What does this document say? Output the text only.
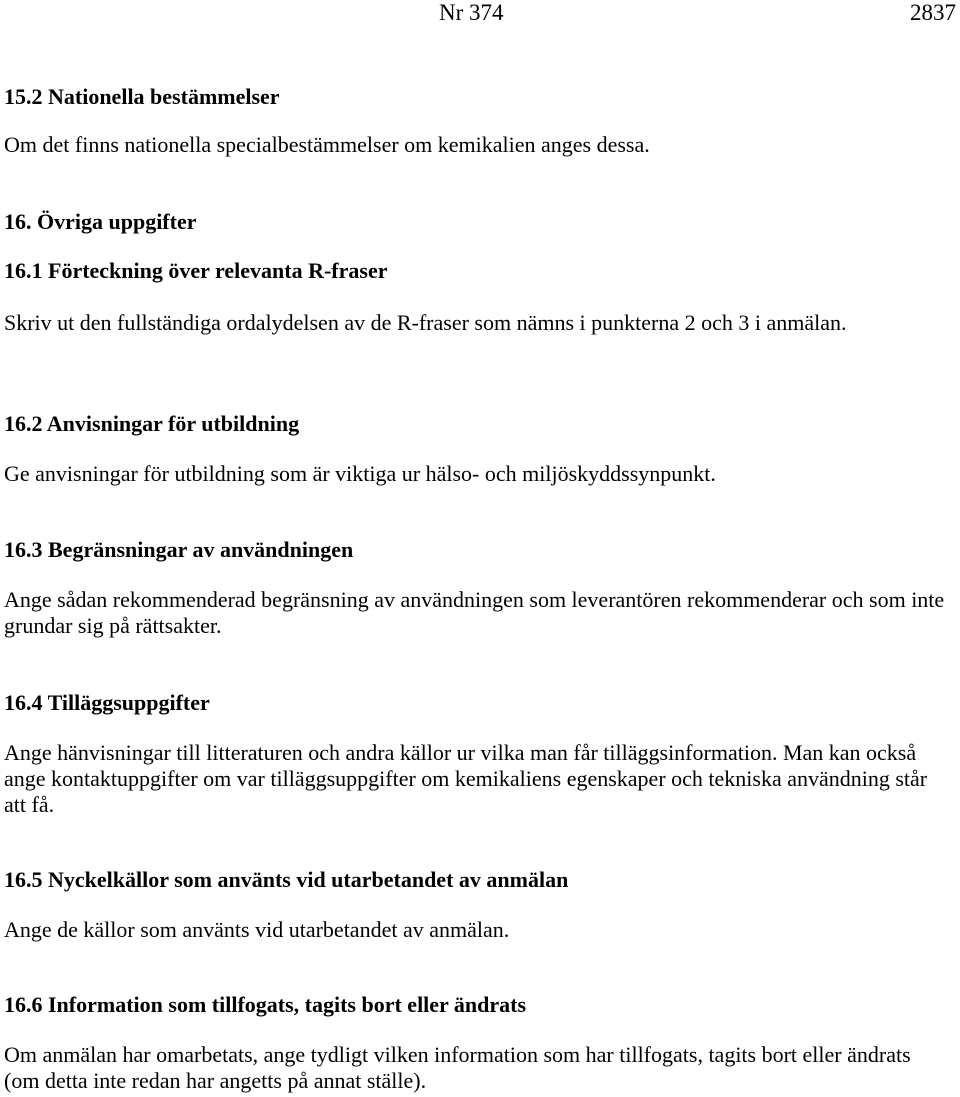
Nr 374	2837

15.2 Nationella bestämmelser

Om det finns nationella specialbestämmelser om kemikalien anges dessa.

16. Övriga uppgifter

16.1 Förteckning över relevanta R-fraser

Skriv ut den fullständiga ordalydelsen av de R-fraser som nämns i punkterna 2 och 3 i anmälan.

16.2 Anvisningar för utbildning

Ge anvisningar för utbildning som är viktiga ur hälso- och miljöskyddssynpunkt.

16.3 Begränsningar av användningen

Ange sådan rekommenderad begränsning av användningen som leverantören rekommenderar och som inte grundar sig på rättsakter.

16.4 Tilläggsuppgifter

Ange hänvisningar till litteraturen och andra källor ur vilka man får tilläggsinformation. Man kan också ange kontaktuppgifter om var tilläggsuppgifter om kemikaliens egenskaper och tekniska användning står att få.

16.5 Nyckelkällor som använts vid utarbetandet av anmälan

Ange de källor som använts vid utarbetandet av anmälan.

16.6 Information som tillfogats, tagits bort eller ändrats

Om anmälan har omarbetats, ange tydligt vilken information som har tillfogats, tagits bort eller ändrats (om detta inte redan har angetts på annat ställe).
